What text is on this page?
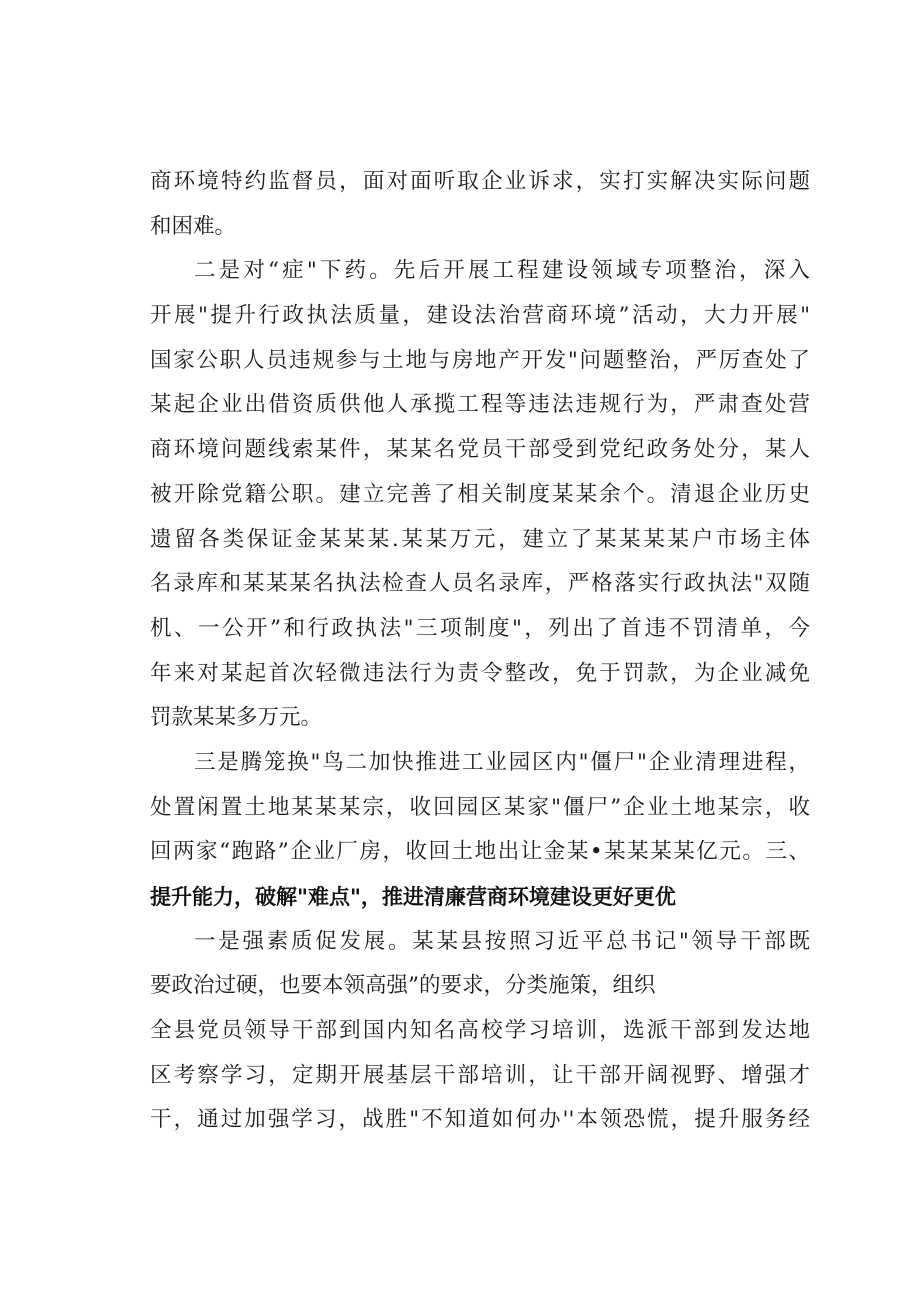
商环境特约监督员，面对面听取企业诉求，实打实解决实际问题
和困难。
二是对“症"下药。先后开展工程建设领域专项整治，深入
开展"提升行政执法质量，建设法治营商环境”活动，大力开展"
国家公职人员违规参与土地与房地产开发"问题整治，严厉查处了
某起企业出借资质供他人承揽工程等违法违规行为，严肃查处营
商环境问题线索某件，某某名党员干部受到党纪政务处分，某人
被开除党籍公职。建立完善了相关制度某某余个。清退企业历史
遗留各类保证金某某某.某某万元，建立了某某某某户市场主体
名录库和某某某名执法检查人员名录库，严格落实行政执法"双随
机、一公开”和行政执法"三项制度"，列出了首违不罚清单，今
年来对某起首次轻微违法行为责令整改，免于罚款，为企业减免
罚款某某多万元。
三是腾笼换"鸟二加快推进工业园区内"僵尸"企业清理进程，
处置闲置土地某某某宗，收回园区某家"僵尸”企业土地某宗，收
回两家“跑路”企业厂房，收回土地出让金某•某某某某亿元。三、
提升能力，破解"难点"，推进清廉营商环境建设更好更优
一是强素质促发展。某某县按照习近平总书记"领导干部既
要政治过硬，也要本领高强”的要求，分类施策，组织
全县党员领导干部到国内知名高校学习培训，选派干部到发达地
区考察学习，定期开展基层干部培训，让干部开阔视野、增强才
干，通过加强学习，战胜"不知道如何办''本领恐慌，提升服务经
